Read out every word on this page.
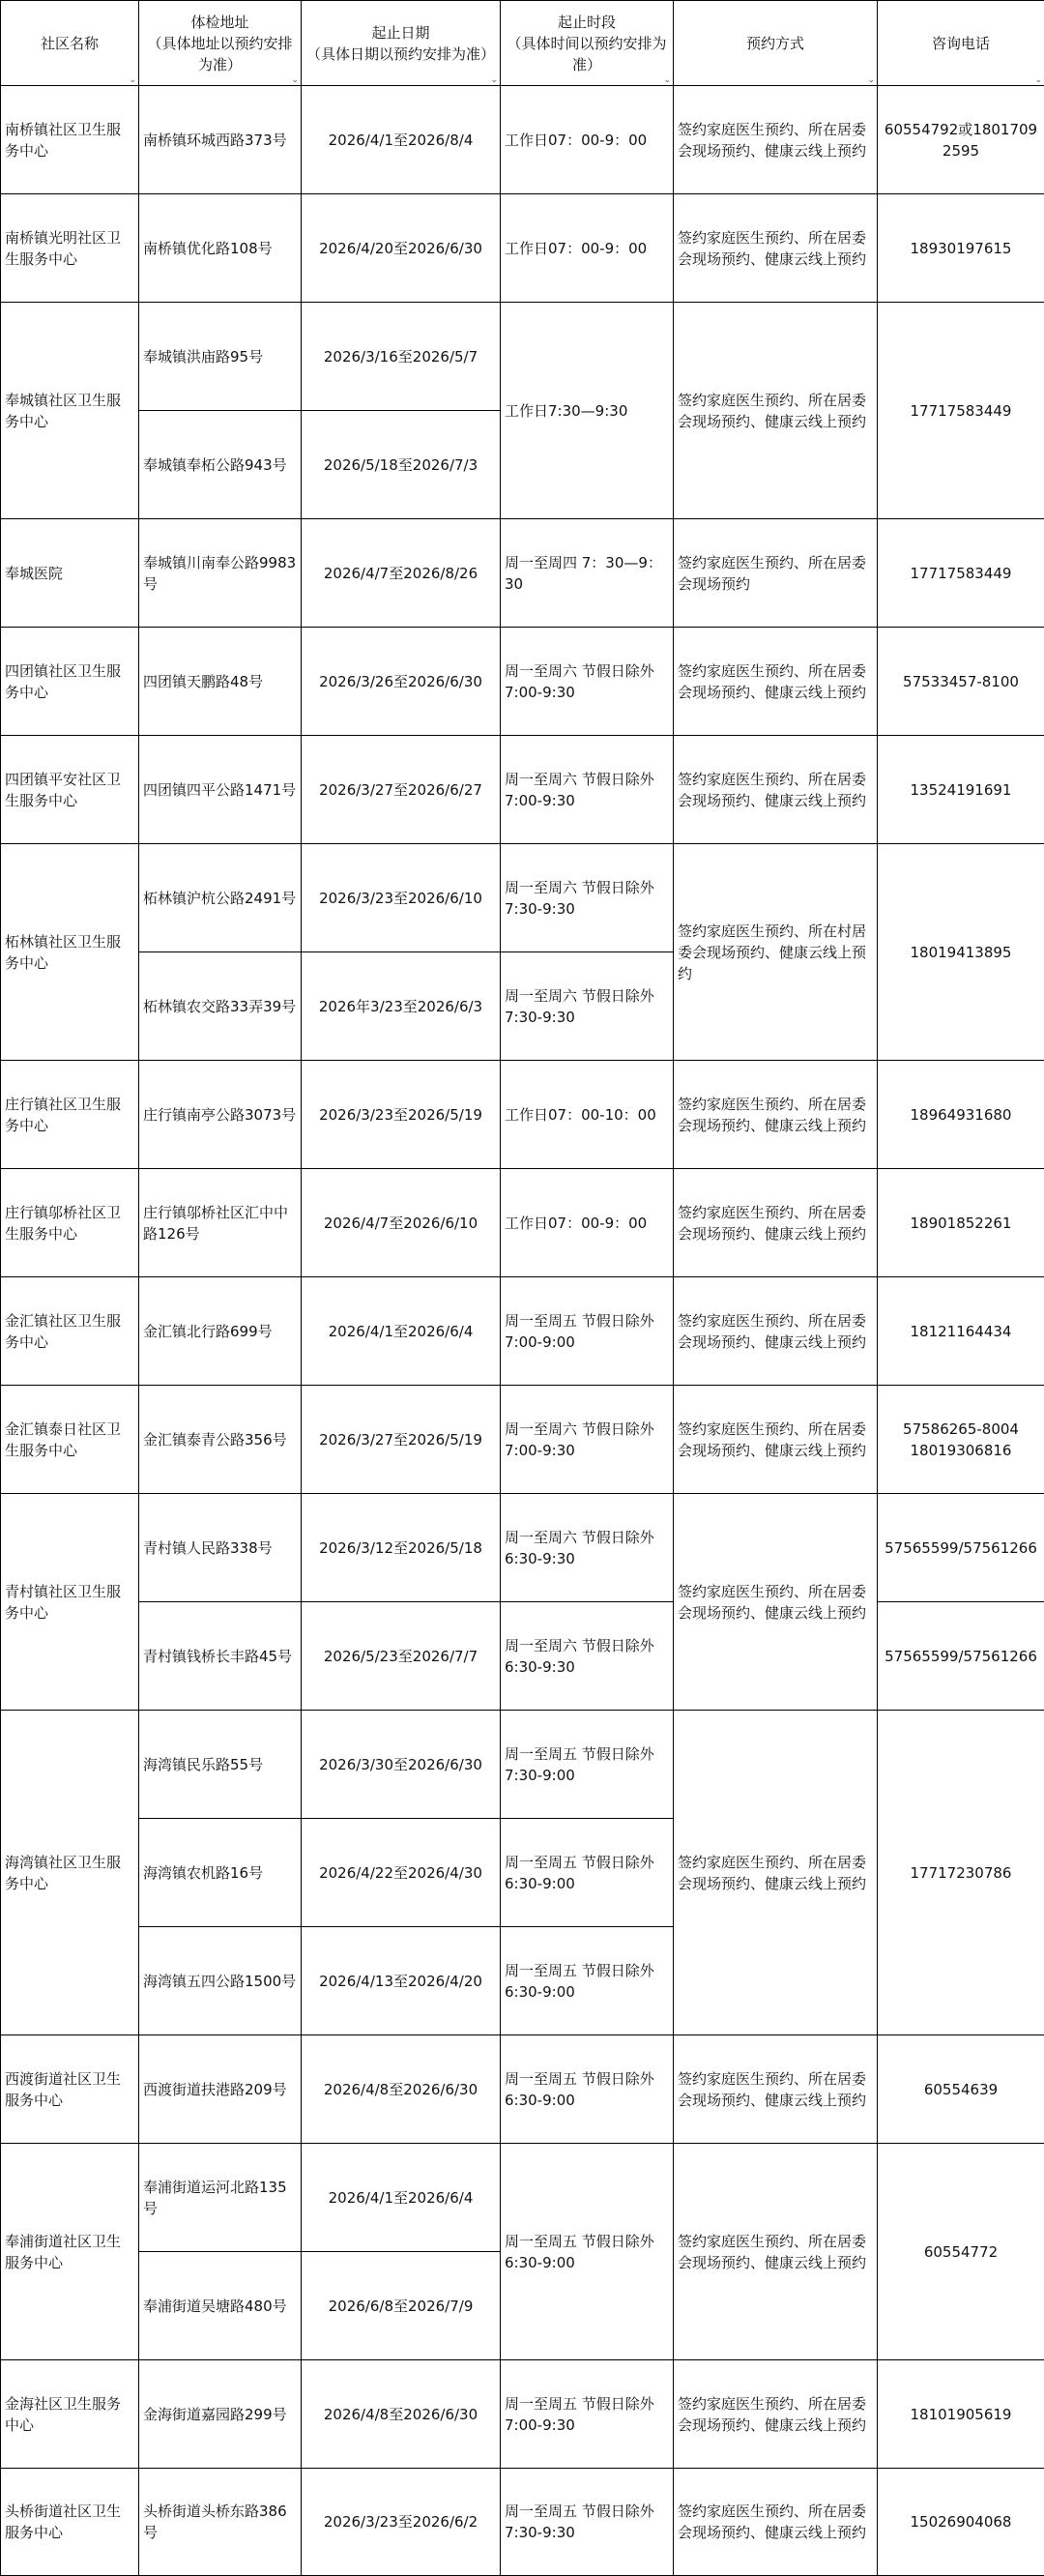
社区名称
⌄	体检地址
（具体地址以预约安排为准）
⌄	起止日期
（具体日期以预约安排为准）
⌄	起止时段
（具体时间以预约安排为准）
⌄	预约方式
⌄	咨询电话
⌄

南桥镇社区卫生服务中心	南桥镇环城西路373号	2026/4/1至2026/8/4	工作日07：00-9：00	签约家庭医生预约、所在居委会现场预约、健康云线上预约	60554792或18017092595
南桥镇光明社区卫生服务中心	南桥镇优化路108号	2026/4/20至2026/6/30	工作日07：00-9：00	签约家庭医生预约、所在居委会现场预约、健康云线上预约	18930197615
奉城镇社区卫生服务中心	奉城镇洪庙路95号	2026/3/16至2026/5/7	工作日7:30—9:30	签约家庭医生预约、所在居委会现场预约、健康云线上预约	17717583449
	奉城镇奉柘公路943号	2026/5/18至2026/7/3			
奉城医院	奉城镇川南奉公路9983号	2026/4/7至2026/8/26	周一至周四 7：30—9：30	签约家庭医生预约、所在居委会现场预约	17717583449
四团镇社区卫生服务中心	四团镇天鹏路48号	2026/3/26至2026/6/30	周一至周六 节假日除外
7:00-9:30	签约家庭医生预约、所在居委会现场预约、健康云线上预约	57533457-8100
四团镇平安社区卫生服务中心	四团镇四平公路1471号	2026/3/27至2026/6/27	周一至周六 节假日除外
7:00-9:30	签约家庭医生预约、所在居委会现场预约、健康云线上预约	13524191691
柘林镇社区卫生服
务中心	柘林镇沪杭公路2491号	2026/3/23至2026/6/10	周一至周六 节假日除外
7:30-9:30	签约家庭医生预约、所在村居委会现场预约、健康云线上预约	18019413895
	柘林镇农交路33弄39号	2026年3/23至2026/6/3	周一至周六 节假日除外
7:30-9:30		
庄行镇社区卫生服务中心	庄行镇南亭公路3073号	2026/3/23至2026/5/19	工作日07：00-10：00	签约家庭医生预约、所在居委会现场预约、健康云线上预约	18964931680
庄行镇邬桥社区卫生服务中心	庄行镇邬桥社区汇中中路126号	2026/4/7至2026/6/10	工作日07：00-9：00	签约家庭医生预约、所在居委会现场预约、健康云线上预约	18901852261
金汇镇社区卫生服务中心	金汇镇北行路699号	2026/4/1至2026/6/4	周一至周五 节假日除外
7:00-9:00	签约家庭医生预约、所在居委会现场预约、健康云线上预约	18121164434
金汇镇泰日社区卫生服务中心	金汇镇泰青公路356号	2026/3/27至2026/5/19	周一至周六 节假日除外
7:00-9:30	签约家庭医生预约、所在居委会现场预约、健康云线上预约	57586265-8004
18019306816
青村镇社区卫生服
务中心	青村镇人民路338号	2026/3/12至2026/5/18	周一至周六 节假日除外
6:30-9:30	签约家庭医生预约、所在居委会现场预约、健康云线上预约	57565599/57561266
	青村镇钱桥长丰路45号	2026/5/23至2026/7/7	周一至周六 节假日除外
6:30-9:30		57565599/57561266
海湾镇社区卫生服务中心	海湾镇民乐路55号	2026/3/30至2026/6/30	周一至周五 节假日除外
7:30-9:00	签约家庭医生预约、所在居委会现场预约、健康云线上预约	17717230786
	海湾镇农机路16号	2026/4/22至2026/4/30	周一至周五 节假日除外
6:30-9:00		
	海湾镇五四公路1500号	2026/4/13至2026/4/20	周一至周五 节假日除外
6:30-9:00		
西渡街道社区卫生服务中心	西渡街道扶港路209号	2026/4/8至2026/6/30	周一至周五 节假日除外
6:30-9:00	签约家庭医生预约、所在居委会现场预约、健康云线上预约	60554639
奉浦街道社区卫生服务中心	奉浦街道运河北路135号	2026/4/1至2026/6/4	周一至周五 节假日除外
6:30-9:00	签约家庭医生预约、所在居委会现场预约、健康云线上预约	60554772
	奉浦街道吴塘路480号	2026/6/8至2026/7/9			
金海社区卫生服务中心	金海街道嘉园路299号	2026/4/8至2026/6/30	周一至周五 节假日除外
7:00-9:30	签约家庭医生预约、所在居委会现场预约、健康云线上预约	18101905619
头桥街道社区卫生服务中心	头桥街道头桥东路386号	2026/3/23至2026/6/2	周一至周五 节假日除外
7:30-9:30	签约家庭医生预约、所在居委会现场预约、健康云线上预约	15026904068
